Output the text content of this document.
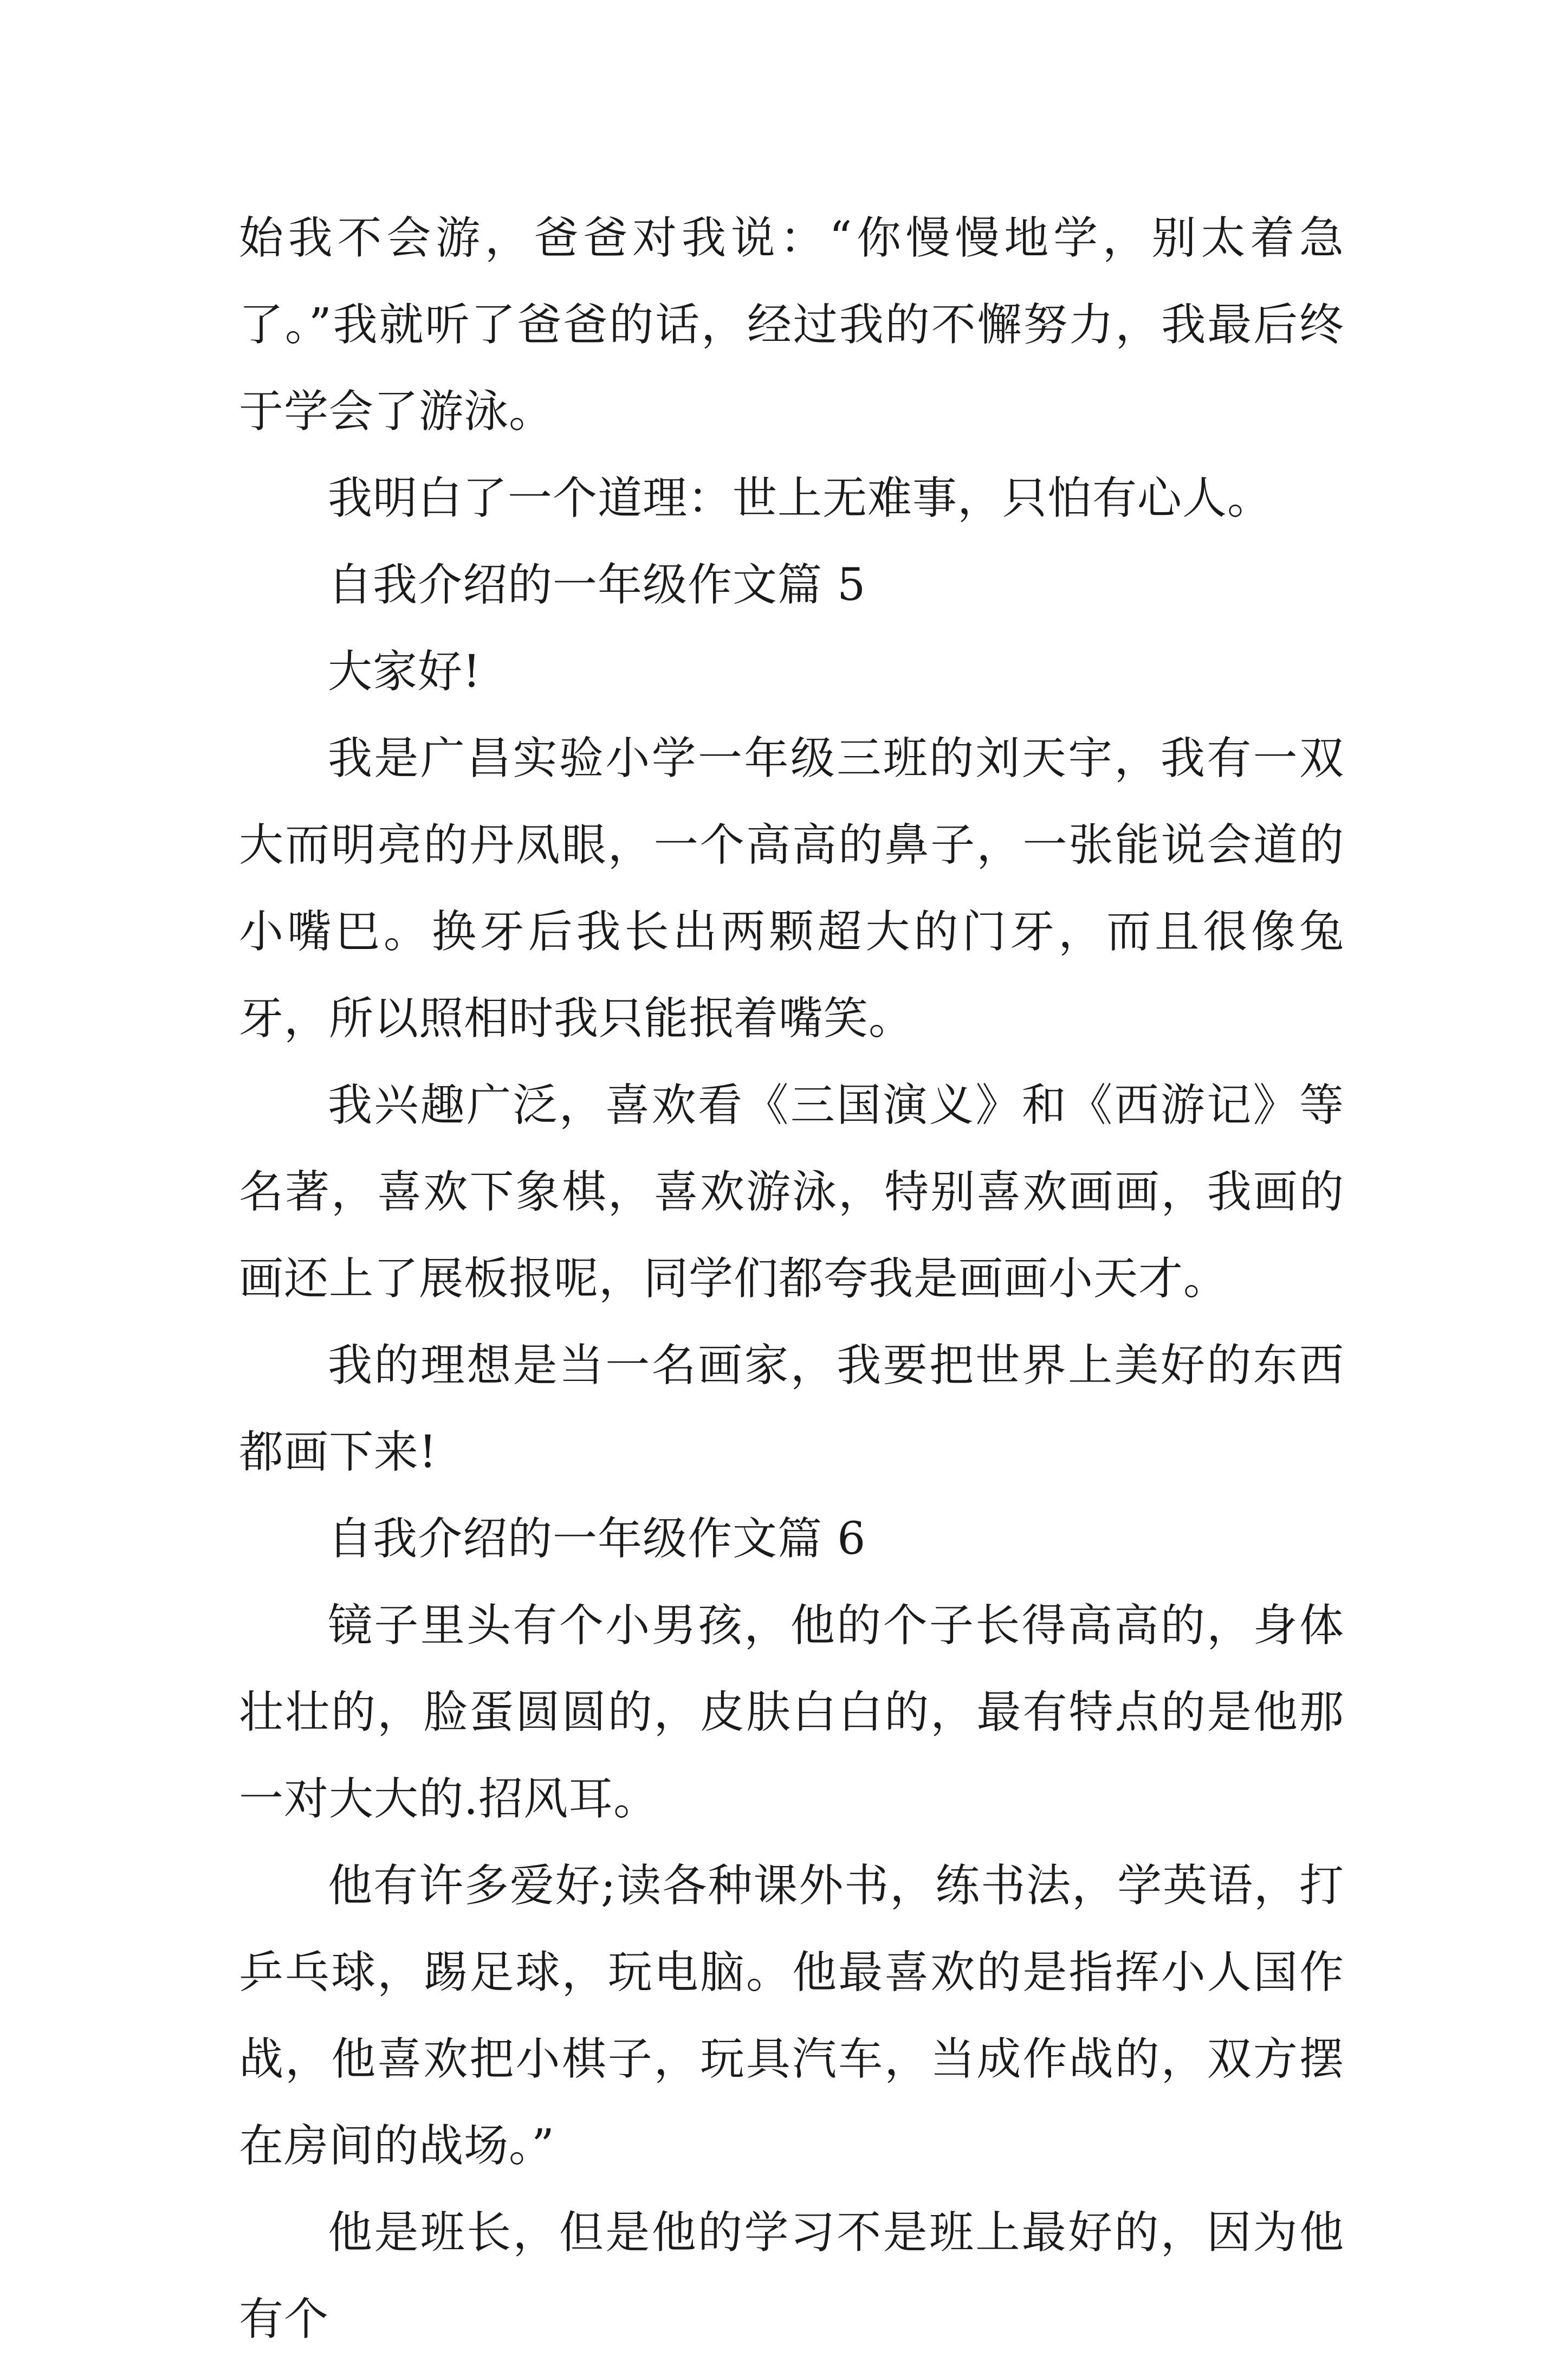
始我不会游，爸爸对我说：“你慢慢地学，别太着急了。”我就听了爸爸的话，经过我的不懈努力，我最后终于学会了游泳。

我明白了一个道理：世上无难事，只怕有心人。

自我介绍的一年级作文篇 5

大家好!

我是广昌实验小学一年级三班的刘天宇，我有一双大而明亮的丹凤眼，一个高高的鼻子，一张能说会道的小嘴巴。换牙后我长出两颗超大的门牙，而且很像兔牙，所以照相时我只能抿着嘴笑。

我兴趣广泛，喜欢看《三国演义》和《西游记》等名著，喜欢下象棋，喜欢游泳，特别喜欢画画，我画的画还上了展板报呢，同学们都夸我是画画小天才。

我的理想是当一名画家，我要把世界上美好的东西都画下来!

自我介绍的一年级作文篇 6

镜子里头有个小男孩，他的个子长得高高的，身体壮壮的，脸蛋圆圆的，皮肤白白的，最有特点的是他那一对大大的.招风耳。

他有许多爱好;读各种课外书，练书法，学英语，打乒乓球，踢足球，玩电脑。他最喜欢的是指挥小人国作战，他喜欢把小棋子，玩具汽车，当成作战的，双方摆在房间的战场。”

他是班长，但是他的学习不是班上最好的，因为他有个
